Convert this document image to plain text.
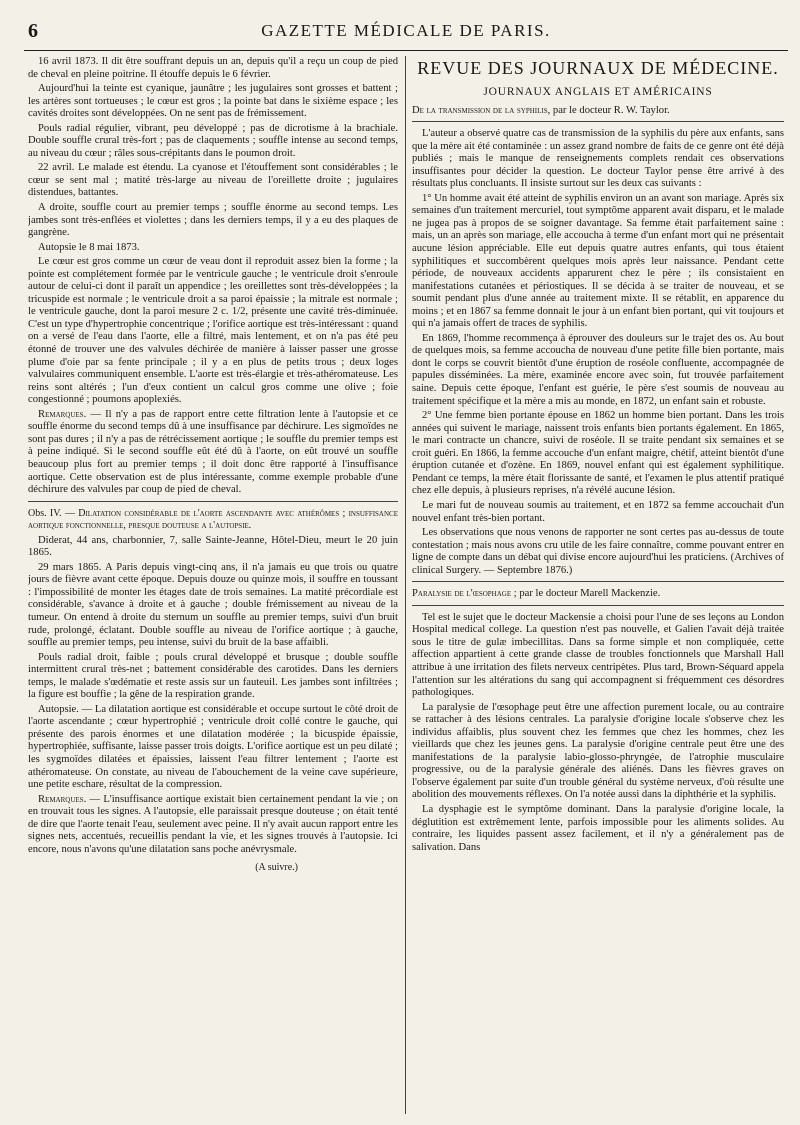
6	GAZETTE MÉDICALE DE PARIS.

16 avril 1873. Il dit être souffrant depuis un an, depuis qu'il a reçu un coup de pied de cheval en pleine poitrine. Il étouffe depuis le 6 février.

Aujourd'hui la teinte est cyanique, jaunâtre ; les jugulaires sont grosses et battent ; les artères sont tortueuses ; le cœur est gros ; la pointe bat dans le sixième espace ; les cavités droites sont développées. On ne sent pas de frémissement.

Pouls radial régulier, vibrant, peu développé ; pas de dicrotisme à la brachiale. Double souffle crural très-fort ; pas de claquements ; souffle intense au second temps, au niveau du cœur ; râles sous-crépitants dans le poumon droit.

22 avril. Le malade est étendu. La cyanose et l'étouffement sont considérables ; le cœur se sent mal ; matité très-large au niveau de l'oreillette droite ; jugulaires distendues, battantes.

A droite, souffle court au premier temps ; souffle énorme au second temps. Les jambes sont très-enflées et violettes ; dans les derniers temps, il y a eu des plaques de gangrène.

Autopsie le 8 mai 1873.

Le cœur est gros comme un cœur de veau dont il reproduit assez bien la forme ; la pointe est complétement formée par le ventricule gauche ; le ventricule droit s'enroule autour de celui-ci dont il paraît un appendice ; les oreillettes sont très-développées ; la tricuspide est normale ; le ventricule droit a sa paroi épaissie ; la mitrale est normale ; le ventricule gauche, dont la paroi mesure 2 c. 1/2, présente une cavité très-diminuée. C'est un type d'hypertrophie concentrique ; l'orifice aortique est très-intéressant : quand on a versé de l'eau dans l'aorte, elle a filtré, mais lentement, et on n'a pas été peu étonné de trouver une des valvules déchirée de manière à laisser passer une grosse plume d'oie par sa fente principale ; il y a en plus de petits trous ; deux loges valvulaires communiquent ensemble. L'aorte est très-élargie et très-athéromateuse. Les reins sont altérés ; l'un d'eux contient un calcul gros comme une olive ; foie congestionné ; poumons apoplexiés.

Remarques. — Il n'y a pas de rapport entre cette filtration lente à l'autopsie et ce souffle énorme du second temps dû à une insuffisance par déchirure. Les sigmoïdes ne sont pas dures ; il n'y a pas de rétrécissement aortique ; le souffle du premier temps est à peine indiqué. Si le second souffle eût été dû à l'aorte, on eût trouvé un souffle beaucoup plus fort au premier temps ; il doit donc être rapporté à l'insuffisance aortique. Cette observation est de plus intéressante, comme exemple probable d'une déchirure des valvules par coup de pied de cheval.

Obs. IV. — Dilatation considérable de l'aorte ascendante avec athérômes ; insuffisance aortique fonctionnelle, presque douteuse a l'autopsie.

Diderat, 44 ans, charbonnier, 7, salle Sainte-Jeanne, Hôtel-Dieu, meurt le 20 juin 1865.

29 mars 1865. A Paris depuis vingt-cinq ans, il n'a jamais eu que trois ou quatre jours de fièvre avant cette époque. Depuis douze ou quinze mois, il souffre en toussant : l'impossibilité de monter les étages date de trois semaines. La matité précordiale est considérable, s'avance à droite et à gauche ; double frémissement au niveau de la tumeur. On entend à droite du sternum un souffle au premier temps, suivi d'un bruit rude, prolongé, éclatant. Double souffle au niveau de l'orifice aortique ; à gauche, souffle au premier temps, peu intense, suivi du bruit de la base affaibli.

Pouls radial droit, faible ; pouls crural développé et brusque ; double souffle intermittent crural très-net ; battement considérable des carotides. Dans les derniers temps, le malade s'œdématie et reste assis sur un fauteuil. Les jambes sont infiltrées ; la figure est bouffie ; la gêne de la respiration grande.

Autopsie. — La dilatation aortique est considérable et occupe surtout le côté droit de l'aorte ascendante ; cœur hypertrophié ; ventricule droit collé contre le gauche, qui présente des parois énormes et une dilatation modérée ; la bicuspide épaissie, hypertrophiée, suffisante, laisse passer trois doigts. L'orifice aortique est un peu dilaté ; les sygmoïdes dilatées et épaissies, laissent l'eau filtrer lentement ; l'aorte est athéromateuse. On constate, au niveau de l'abouchement de la veine cave supérieure, une petite eschare, résultat de la compression.

Remarques. — L'insuffisance aortique existait bien certainement pendant la vie ; on en trouvait tous les signes. A l'autopsie, elle paraissait presque douteuse ; on était tenté de dire que l'aorte tenait l'eau, seulement avec peine. Il n'y avait aucun rapport entre les signes nets, accentués, recueillis pendant la vie, et les signes trouvés à l'autopsie. Ici encore, nous n'avons qu'une dilatation sans poche anévrysmale.

(A suivre.)

REVUE DES JOURNAUX DE MÉDECINE.
JOURNAUX ANGLAIS ET AMÉRICAINS

De la transmission de la syphilis, par le docteur R. W. Taylor.

L'auteur a observé quatre cas de transmission de la syphilis du père aux enfants, sans que la mère ait été contaminée : un assez grand nombre de faits de ce genre ont été déjà publiés ; mais le manque de renseignements complets rendait ces observations insuffisantes pour décider la question. Le docteur Taylor pense être arrivé à des résultats plus concluants. Il insiste surtout sur les deux cas suivants :

1° Un homme avait été atteint de syphilis environ un an avant son mariage. Après six semaines d'un traitement mercuriel, tout symptôme apparent avait disparu, et le malade ne jugea pas à propos de se soigner davantage. Sa femme était parfaitement saine : mais, un an après son mariage, elle accoucha à terme d'un enfant mort qui ne présentait aucune lésion appréciable. Elle eut depuis quatre autres enfants, qui tous étaient syphilitiques et succombèrent quelques mois après leur naissance. Pendant cette période, de nouveaux accidents apparurent chez le père ; ils consistaient en manifestations cutanées et périostiques. Il se décida à se traiter de nouveau, et se soumit pendant plus d'une année au traitement mixte. Il se rétablit, en apparence du moins ; et en 1867 sa femme donnait le jour à un enfant bien portant, qui vit toujours et qui n'a jamais offert de traces de syphilis.

En 1869, l'homme recommença à éprouver des douleurs sur le trajet des os. Au bout de quelques mois, sa femme accoucha de nouveau d'une petite fille bien portante, mais dont le corps se couvrit bientôt d'une éruption de roséole confluente, accompagnée de papules disséminées. La mère, examinée encore avec soin, fut trouvée parfaitement saine. Depuis cette époque, l'enfant est guérie, le père s'est soumis de nouveau au traitement spécifique et la mère a mis au monde, en 1872, un enfant sain et robuste.

2° Une femme bien portante épouse en 1862 un homme bien portant. Dans les trois années qui suivent le mariage, naissent trois enfants bien portants également. En 1865, le mari contracte un chancre, suivi de roséole. Il se traite pendant six semaines et se croit guéri. En 1866, la femme accouche d'un enfant maigre, chétif, atteint bientôt d'une éruption cutanée et d'ozène. En 1869, nouvel enfant qui est également syphilitique. Pendant ce temps, la mère était florissante de santé, et l'examen le plus attentif pratiqué chez elle depuis, à plusieurs reprises, n'a révélé aucune lésion.

Le mari fut de nouveau soumis au traitement, et en 1872 sa femme accouchait d'un nouvel enfant très-bien portant.

Les observations que nous venons de rapporter ne sont certes pas au-dessus de toute contestation ; mais nous avons cru utile de les faire connaître, comme pouvant entrer en ligne de compte dans un débat qui divise encore aujourd'hui les praticiens. (Archives of clinical Surgery. — Septembre 1876.)

Paralysie de l'œsophage ; par le docteur Marell Mackenzie.

Tel est le sujet que le docteur Mackensie a choisi pour l'une de ses leçons au London Hospital medical college. La question n'est pas nouvelle, et Galien l'avait déjà traitée sous le titre de gulæ imbecillitas. Dans sa forme simple et non compliquée, cette affection appartient à cette grande classe de troubles fonctionnels que Marshall Hall attribue à une irritation des filets nerveux centripètes. Plus tard, Brown-Séquard appela l'attention sur les altérations du sang qui accompagnent si fréquemment ces désordres pathologiques.

La paralysie de l'œsophage peut être une affection purement locale, ou au contraire se rattacher à des lésions centrales. La paralysie d'origine locale s'observe chez les individus affaiblis, plus souvent chez les femmes que chez les hommes, chez les vieillards que chez les jeunes gens. La paralysie d'origine centrale peut être une des manifestations de la paralysie labio-glosso-phryngée, de l'atrophie musculaire progressive, ou de la paralysie générale des aliénés. Dans les fièvres graves on l'observe également par suite d'un trouble général du système nerveux, d'où résulte une abolition des mouvements réflexes. On l'a notée aussi dans la diphthérie et la syphilis.

La dysphagie est le symptôme dominant. Dans la paralysie d'origine locale, la déglutition est extrêmement lente, parfois impossible pour les aliments solides. Au contraire, les liquides passent assez facilement, et il n'y a généralement pas de salivation. Dans
